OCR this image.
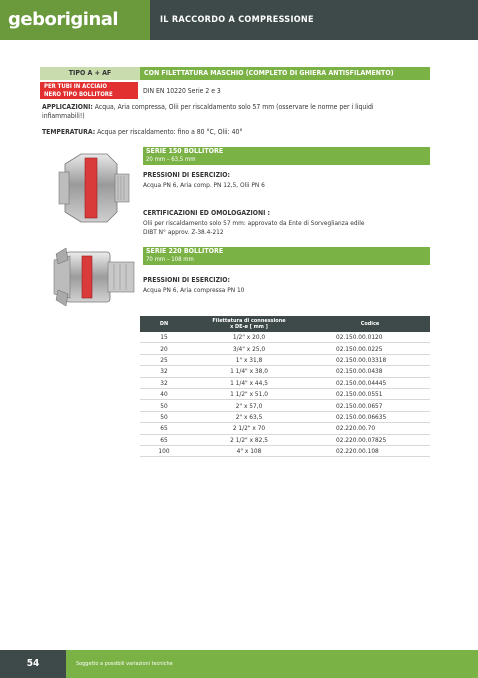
geboriginal	IL RACCORDO A COMPRESSIONE
TIPO A + AF	CON FILETTATURA MASCHIO (COMPLETO DI GHIERA ANTISFILAMENTO)
PER TUBI IN ACCIAIO
NERO TIPO BOLLITORE	DIN EN 10220 Serie 2 e 3
APPLICAZIONI: Acqua, Aria compressa, Olii per riscaldamento solo 57 mm (osservare le norme per i liquidi
infiammabili!)
TEMPERATURA: Acqua per riscaldamento: fino a 80 °C, Olii: 40°
SERIE 150 BOLLITORE
20 mm – 63,5 mm
PRESSIONI DI ESERCIZIO:
Acqua PN 6, Aria comp. PN 12,5, Olii PN 6
CERTIFICAZIONI ED OMOLOGAZIONI :
Olii per riscaldamento solo 57 mm: approvato da Ente di Sorveglianza edile
DIBT N° approv. Z-38.4-212
SERIE 220 BOLLITORE
70 mm – 108 mm
PRESSIONI DI ESERCIZIO:
Acqua PN 6, Aria compressa PN 10
DN	Filettatura di connessione
x DE-ø [ mm ]	Codice
15	1/2" x 20,0	02.150.00.0120
20	3/4" x 25,0	02.150.00.0225
25	1" x 31,8	02.150.00.03318
32	1 1/4" x 38,0	02.150.00.0438
32	1 1/4" x 44,5	02.150.00.04445
40	1 1/2" x 51,0	02.150.00.0551
50	2" x 57,0	02.150.00.0657
50	2" x 63,5	02.150.00.06635
65	2 1/2" x 70	02.220.00.70
65	2 1/2" x 82,5	02.220.00.07825
100	4" x 108	02.220.00.108
54	Soggetto a possibili variazioni tecniche
